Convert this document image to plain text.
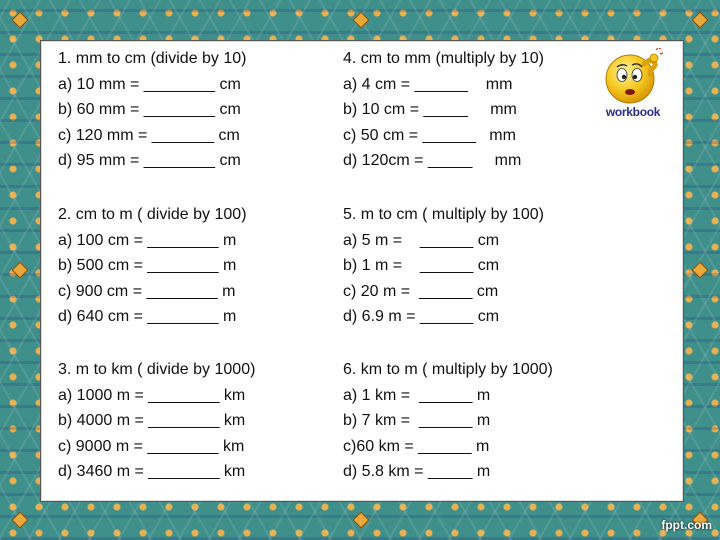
1. mm to cm (divide by 10)
a) 10 mm = ________ cm
b) 60 mm = ________ cm
c) 120 mm = _______ cm
d) 95 mm = ________ cm
4. cm to mm (multiply by 10)
a) 4 cm = ______    mm
b) 10 cm = _____     mm
c) 50 cm = ______   mm
d) 120cm = _____     mm
2. cm to m ( divide by 100)
a) 100 cm = ________ m
b) 500 cm = ________ m
c) 900 cm = ________ m
d) 640 cm = ________ m
5. m to cm ( multiply by 100)
a) 5 m =    ______ cm
b) 1 m =    ______ cm
c) 20 m =  ______ cm
d) 6.9 m = ______ cm
3. m to km ( divide by 1000)
a) 1000 m = ________ km
b) 4000 m = ________ km
c) 9000 m = ________ km
d) 3460 m = ________ km
6. km to m ( multiply by 1000)
a) 1 km =  ______ m
b) 7 km =  ______ m
c)60 km = ______ m
d) 5.8 km = _____ m
workbook
fppt.com
